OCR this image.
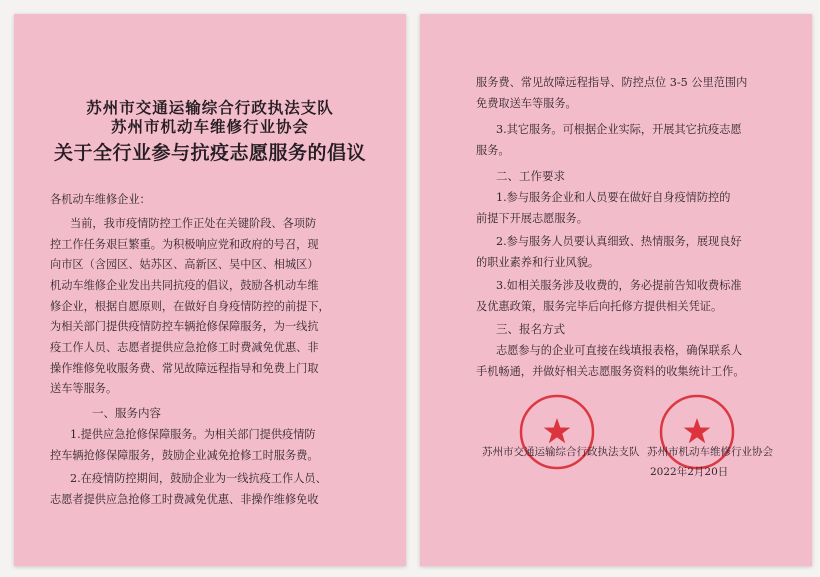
苏州市交通运输综合行政执法支队
苏州市机动车维修行业协会
关于全行业参与抗疫志愿服务的倡议
各机动车维修企业：
当前，我市疫情防控工作正处在关键阶段、各项防
控工作任务艰巨繁重。为积极响应党和政府的号召，现
向市区（含园区、姑苏区、高新区、吴中区、相城区）
机动车维修企业发出共同抗疫的倡议，鼓励各机动车维
修企业，根据自愿原则，在做好自身疫情防控的前提下，
为相关部门提供疫情防控车辆抢修保障服务，为一线抗
疫工作人员、志愿者提供应急抢修工时费减免优惠、非
操作维修免收服务费、常见故障远程指导和免费上门取
送车等服务。
一、服务内容
1.提供应急抢修保障服务。为相关部门提供疫情防
控车辆抢修保障服务，鼓励企业减免抢修工时服务费。
2.在疫情防控期间，鼓励企业为一线抗疫工作人员、
志愿者提供应急抢修工时费减免优惠、非操作维修免收
服务费、常见故障远程指导、防控点位 3-5 公里范围内
免费取送车等服务。
3.其它服务。可根据企业实际，开展其它抗疫志愿
服务。
二、工作要求
1.参与服务企业和人员要在做好自身疫情防控的
前提下开展志愿服务。
2.参与服务人员要认真细致、热情服务，展现良好
的职业素养和行业风貌。
3.如相关服务涉及收费的，务必提前告知收费标准
及优惠政策，服务完毕后向托修方提供相关凭证。
三、报名方式
志愿参与的企业可直接在线填报表格，确保联系人
手机畅通，并做好相关志愿服务资料的收集统计工作。
苏州市交通运输综合行政执法支队 苏州市机动车维修行业协会
2022年2月20日
